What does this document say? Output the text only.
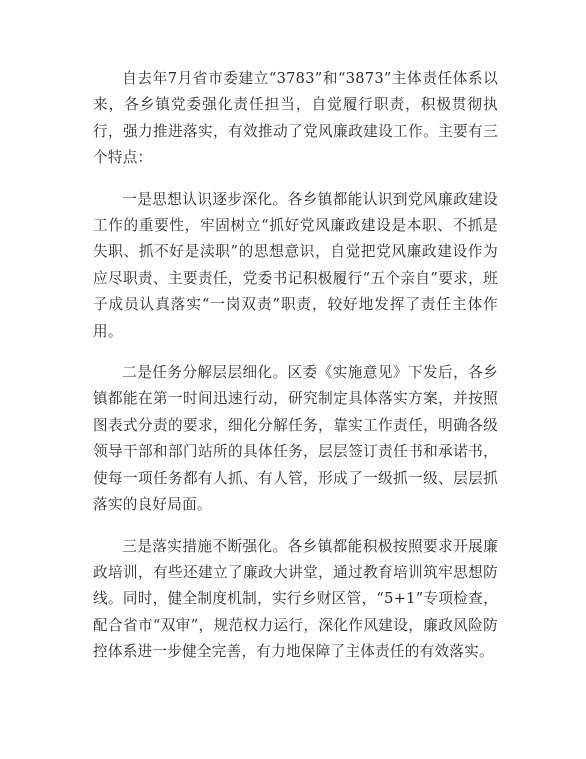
自去年7月省市委建立“3783”和“3873”主体责任体系以来，各乡镇党委强化责任担当，自觉履行职责，积极贯彻执行，强力推进落实，有效推动了党风廉政建设工作。主要有三个特点：

一是思想认识逐步深化。各乡镇都能认识到党风廉政建设工作的重要性，牢固树立“抓好党风廉政建设是本职、不抓是失职、抓不好是渎职”的思想意识，自觉把党风廉政建设作为应尽职责、主要责任，党委书记积极履行“五个亲自”要求，班子成员认真落实“一岗双责”职责，较好地发挥了责任主体作用。

二是任务分解层层细化。区委《实施意见》下发后，各乡镇都能在第一时间迅速行动，研究制定具体落实方案，并按照图表式分责的要求，细化分解任务，靠实工作责任，明确各级领导干部和部门站所的具体任务，层层签订责任书和承诺书，使每一项任务都有人抓、有人管，形成了一级抓一级、层层抓落实的良好局面。

三是落实措施不断强化。各乡镇都能积极按照要求开展廉政培训，有些还建立了廉政大讲堂，通过教育培训筑牢思想防线。同时，健全制度机制，实行乡财区管，“5+1”专项检查，配合省市“双审”，规范权力运行，深化作风建设，廉政风险防控体系进一步健全完善，有力地保障了主体责任的有效落实。
